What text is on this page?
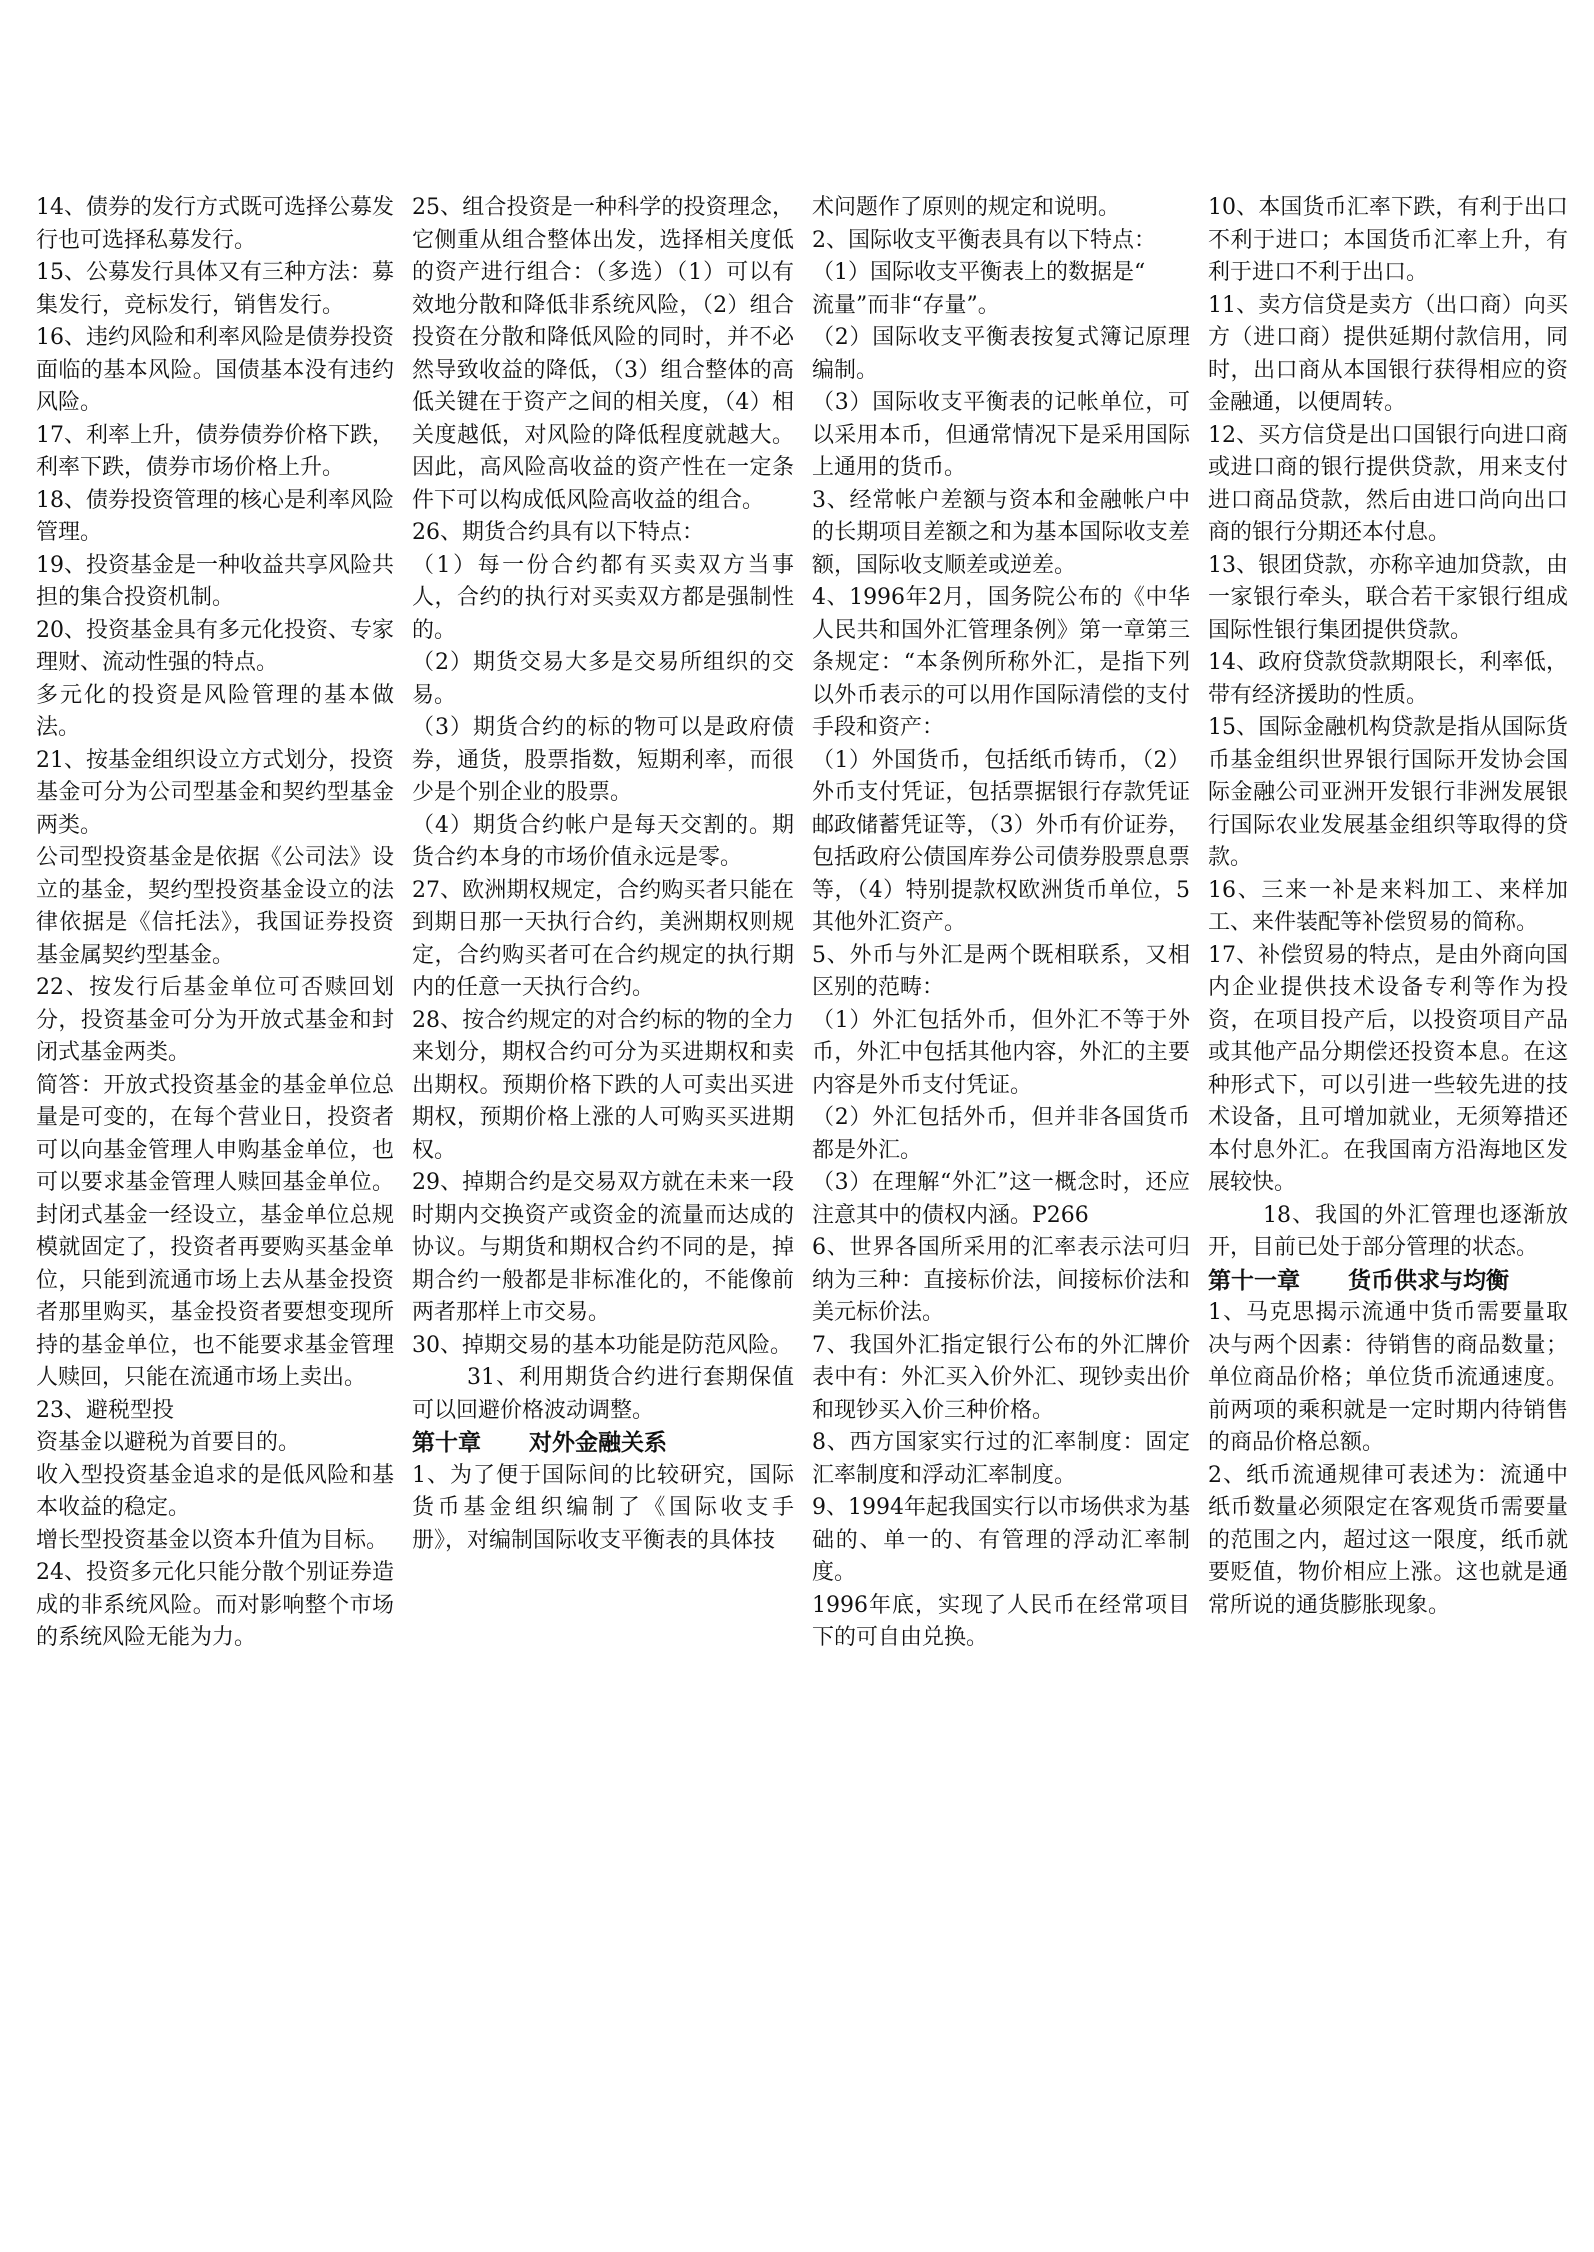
14、债券的发行方式既可选择公募发行也可选择私募发行。

15、公募发行具体又有三种方法：募集发行，竞标发行，销售发行。

16、违约风险和利率风险是债券投资面临的基本风险。国债基本没有违约风险。

17、利率上升，债券债券价格下跌，利率下跌，债券市场价格上升。

18、债券投资管理的核心是利率风险管理。

19、投资基金是一种收益共享风险共担的集合投资机制。

20、投资基金具有多元化投资、专家理财、流动性强的特点。

多元化的投资是风险管理的基本做法。

21、按基金组织设立方式划分，投资基金可分为公司型基金和契约型基金两类。

公司型投资基金是依据《公司法》设立的基金，契约型投资基金设立的法律依据是《信托法》，我国证券投资基金属契约型基金。

22、按发行后基金单位可否赎回划分，投资基金可分为开放式基金和封闭式基金两类。

简答：开放式投资基金的基金单位总量是可变的，在每个营业日，投资者可以向基金管理人申购基金单位，也可以要求基金管理人赎回基金单位。封闭式基金一经设立，基金单位总规模就固定了，投资者再要购买基金单位，只能到流通市场上去从基金投资者那里购买，基金投资者要想变现所持的基金单位，也不能要求基金管理人赎回，只能在流通市场上卖出。

23、避税型投

资基金以避税为首要目的。

收入型投资基金追求的是低风险和基本收益的稳定。

增长型投资基金以资本升值为目标。

24、投资多元化只能分散个别证券造成的非系统风险。而对影响整个市场的系统风险无能为力。

25、组合投资是一种科学的投资理念，它侧重从组合整体出发，选择相关度低的资产进行组合：（多选）（1）可以有效地分散和降低非系统风险，（2）组合投资在分散和降低风险的同时，并不必然导致收益的降低，（3）组合整体的高低关键在于资产之间的相关度，（4）相关度越低，对风险的降低程度就越大。因此，高风险高收益的资产性在一定条件下可以构成低风险高收益的组合。

26、期货合约具有以下特点：

（1）每一份合约都有买卖双方当事人，合约的执行对买卖双方都是强制性的。

（2）期货交易大多是交易所组织的交易。

（3）期货合约的标的物可以是政府债券，通货，股票指数，短期利率，而很少是个别企业的股票。

（4）期货合约帐户是每天交割的。期货合约本身的市场价值永远是零。

27、欧洲期权规定，合约购买者只能在到期日那一天执行合约，美洲期权则规定，合约购买者可在合约规定的执行期内的任意一天执行合约。

28、按合约规定的对合约标的物的全力来划分，期权合约可分为买进期权和卖出期权。预期价格下跌的人可卖出买进期权，预期价格上涨的人可购买买进期权。

29、掉期合约是交易双方就在未来一段时期内交换资产或资金的流量而达成的协议。与期货和期权合约不同的是，掉期合约一般都是非标准化的，不能像前两者那样上市交易。

30、掉期交易的基本功能是防范风险。

31、利用期货合约进行套期保值可以回避价格波动调整。

第十章      对外金融关系

1、为了便于国际间的比较研究，国际货币基金组织编制了《国际收支手册》，对编制国际收支平衡表的具体技

术问题作了原则的规定和说明。

2、国际收支平衡表具有以下特点：

（1）国际收支平衡表上的数据是“

流量”而非“存量”。

（2）国际收支平衡表按复式簿记原理编制。

（3）国际收支平衡表的记帐单位，可以采用本币，但通常情况下是采用国际上通用的货币。

3、经常帐户差额与资本和金融帐户中的长期项目差额之和为基本国际收支差额，国际收支顺差或逆差。

4、1996年2月，国务院公布的《中华人民共和国外汇管理条例》第一章第三条规定：“本条例所称外汇，是指下列以外币表示的可以用作国际清偿的支付手段和资产：

（1）外国货币，包括纸币铸币，（2）外币支付凭证，包括票据银行存款凭证邮政储蓄凭证等，（3）外币有价证券，包括政府公债国库券公司债券股票息票等，（4）特别提款权欧洲货币单位，5其他外汇资产。

5、外币与外汇是两个既相联系，又相区别的范畴：

（1）外汇包括外币，但外汇不等于外币，外汇中包括其他内容，外汇的主要内容是外币支付凭证。

（2）外汇包括外币，但并非各国货币都是外汇。

（3）在理解“外汇”这一概念时，还应注意其中的债权内涵。P266

6、世界各国所采用的汇率表示法可归纳为三种：直接标价法，间接标价法和美元标价法。

7、我国外汇指定银行公布的外汇牌价表中有：外汇买入价外汇、现钞卖出价和现钞买入价三种价格。

8、西方国家实行过的汇率制度：固定汇率制度和浮动汇率制度。

9、1994年起我国实行以市场供求为基础的、单一的、有管理的浮动汇率制度。

1996年底，实现了人民币在经常项目下的可自由兑换。

10、本国货币汇率下跌，有利于出口不利于进口；本国货币汇率上升，有利于进口不利于出口。

11、卖方信贷是卖方（出口商）向买方（进口商）提供延期付款信用，同时，出口商从本国银行获得相应的资金融通，以便周转。

12、买方信贷是出口国银行向进口商或进口商的银行提供贷款，用来支付进口商品贷款，然后由进口尚向出口商的银行分期还本付息。

13、银团贷款，亦称辛迪加贷款，由一家银行牵头，联合若干家银行组成国际性银行集团提供贷款。

14、政府贷款贷款期限长，利率低，带有经济援助的性质。

15、国际金融机构贷款是指从国际货币基金组织世界银行国际开发协会国际金融公司亚洲开发银行非洲发展银行国际农业发展基金组织等取得的贷款。

16、三来一补是来料加工、来样加工、来件装配等补偿贸易的简称。

17、补偿贸易的特点，是由外商向国内企业提供技术设备专利等作为投资，在项目投产后，以投资项目产品或其他产品分期偿还投资本息。在这种形式下，可以引进一些较先进的技术设备，且可增加就业，无须筹措还本付息外汇。在我国南方沿海地区发展较快。

18、我国的外汇管理也逐渐放开，目前已处于部分管理的状态。

第十一章      货币供求与均衡

1、马克思揭示流通中货币需要量取决与两个因素：待销售的商品数量；单位商品价格；单位货币流通速度。前两项的乘积就是一定时期内待销售的商品价格总额。

2、纸币流通规律可表述为：流通中纸币数量必须限定在客观货币需要量的范围之内，超过这一限度，纸币就要贬值，物价相应上涨。这也就是通常所说的通货膨胀现象。
